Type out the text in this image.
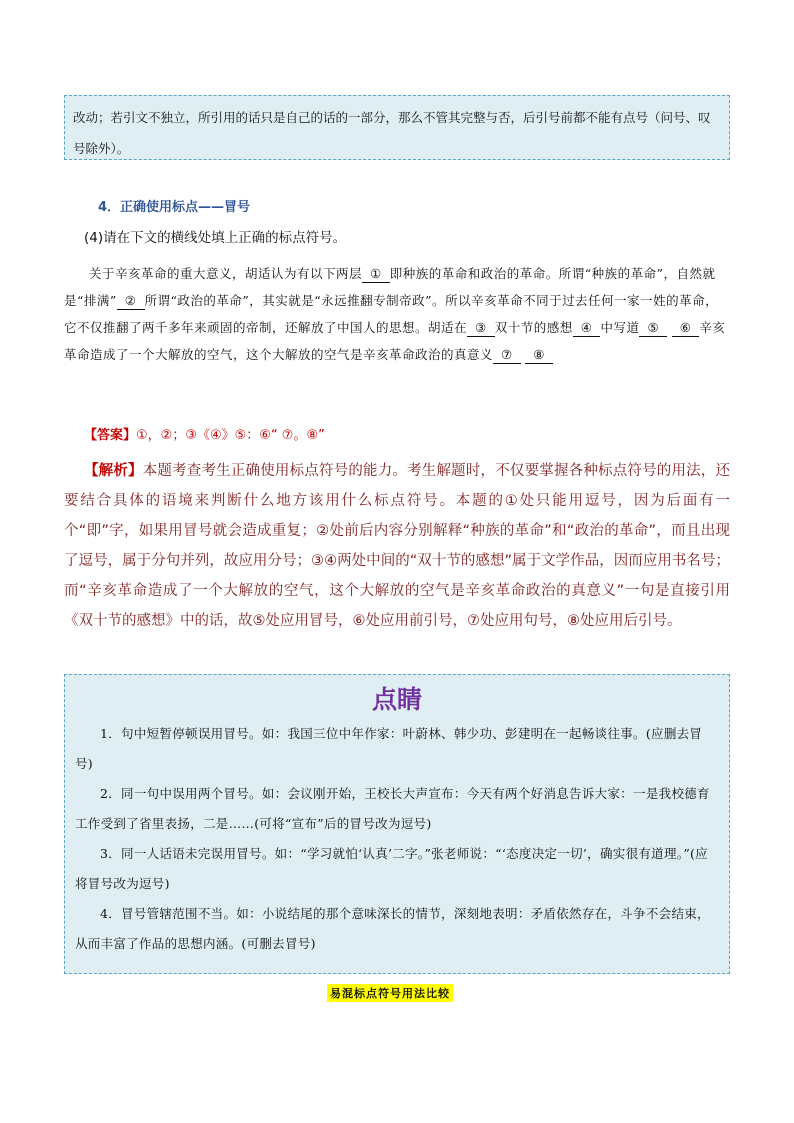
改动；若引文不独立，所引用的话只是自己的话的一部分，那么不管其完整与否，后引号前都不能有点号（问号、叹号除外）。
4．正确使用标点——冒号
(4)请在下文的横线处填上正确的标点符号。
关于辛亥革命的重大意义，胡适认为有以下两层 ① 即种族的革命和政治的革命。所谓“种族的革命”，自然就是“排满” ② 所谓“政治的革命”，其实就是“永远推翻专制帝政”。所以辛亥革命不同于过去任何一家一姓的革命，它不仅推翻了两千多年来顽固的帝制，还解放了中国人的思想。胡适在 ③ 双十节的感想 ④ 中写道 ⑤ ⑥ 辛亥革命造成了一个大解放的空气，这个大解放的空气是辛亥革命政治的真意义 ⑦ ⑧
【答案】①，②；③《④》⑤：⑥“ ⑦。⑧”
【解析】本题考查考生正确使用标点符号的能力。考生解题时，不仅要掌握各种标点符号的用法，还要结合具体的语境来判断什么地方该用什么标点符号。本题的①处只能用逗号，因为后面有一个“即”字，如果用冒号就会造成重复；②处前后内容分别解释“种族的革命”和“政治的革命”，而且出现了逗号，属于分句并列，故应用分号；③④两处中间的“双十节的感想”属于文学作品，因而应用书名号；而“辛亥革命造成了一个大解放的空气，这个大解放的空气是辛亥革命政治的真意义”一句是直接引用《双十节的感想》中的话，故⑤处应用冒号，⑥处应用前引号，⑦处应用句号，⑧处应用后引号。
点睛
1．句中短暂停顿误用冒号。如：我国三位中年作家：叶蔚林、韩少功、彭建明在一起畅谈往事。(应删去冒号)
2．同一句中误用两个冒号。如：会议刚开始，王校长大声宣布：今天有两个好消息告诉大家：一是我校德育工作受到了省里表扬，二是……(可将“宣布”后的冒号改为逗号)
3．同一人话语未完误用冒号。如：“学习就怕‘认真’二字。”张老师说：“‘态度决定一切’，确实很有道理。”(应将冒号改为逗号)
4．冒号管辖范围不当。如：小说结尾的那个意味深长的情节，深刻地表明：矛盾依然存在，斗争不会结束，从而丰富了作品的思想内涵。(可删去冒号)
易混标点符号用法比较
